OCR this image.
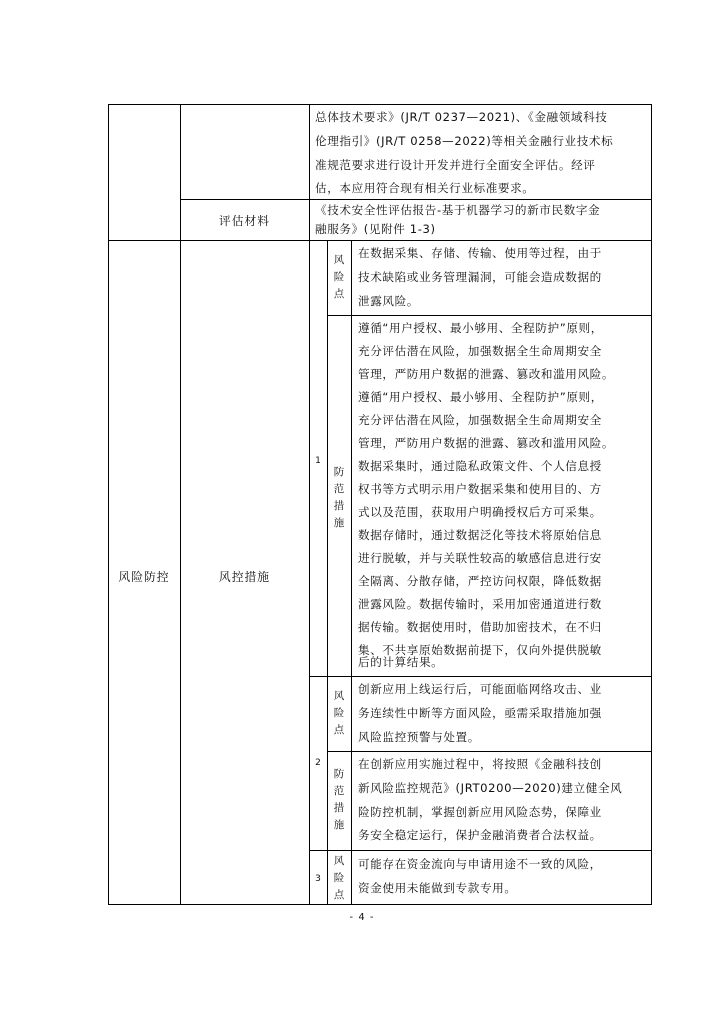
总体技术要求》(JR/T 0237—2021)、《金融领域科技
伦理指引》(JR/T 0258—2022)等相关金融行业技术标
准规范要求进行设计开发并进行全面安全评估。经评
估，本应用符合现有相关行业标准要求。
评估材料
《技术安全性评估报告-基于机器学习的新市民数字金
融服务》(见附件 1-3)
风险防控	风控措施
1
风险点
在数据采集、存储、传输、使用等过程，由于
技术缺陷或业务管理漏洞，可能会造成数据的
泄露风险。
防范措施
遵循“用户授权、最小够用、全程防护”原则，
充分评估潜在风险，加强数据全生命周期安全
管理，严防用户数据的泄露、篡改和滥用风险。
遵循“用户授权、最小够用、全程防护”原则，
充分评估潜在风险，加强数据全生命周期安全
管理，严防用户数据的泄露、篡改和滥用风险。
数据采集时，通过隐私政策文件、个人信息授
权书等方式明示用户数据采集和使用目的、方
式以及范围，获取用户明确授权后方可采集。
数据存储时，通过数据泛化等技术将原始信息
进行脱敏，并与关联性较高的敏感信息进行安
全隔离、分散存储，严控访问权限，降低数据
泄露风险。数据传输时，采用加密通道进行数
据传输。数据使用时，借助加密技术，在不归
集、不共享原始数据前提下，仅向外提供脱敏
后的计算结果。
2
风险点
创新应用上线运行后，可能面临网络攻击、业
务连续性中断等方面风险，亟需采取措施加强
风险监控预警与处置。
防范措施
在创新应用实施过程中，将按照《金融科技创
新风险监控规范》(JRT0200—2020)建立健全风
险防控机制，掌握创新应用风险态势，保障业
务安全稳定运行，保护金融消费者合法权益。
3
风险点
可能存在资金流向与申请用途不一致的风险，
资金使用未能做到专款专用。
- 4 -
